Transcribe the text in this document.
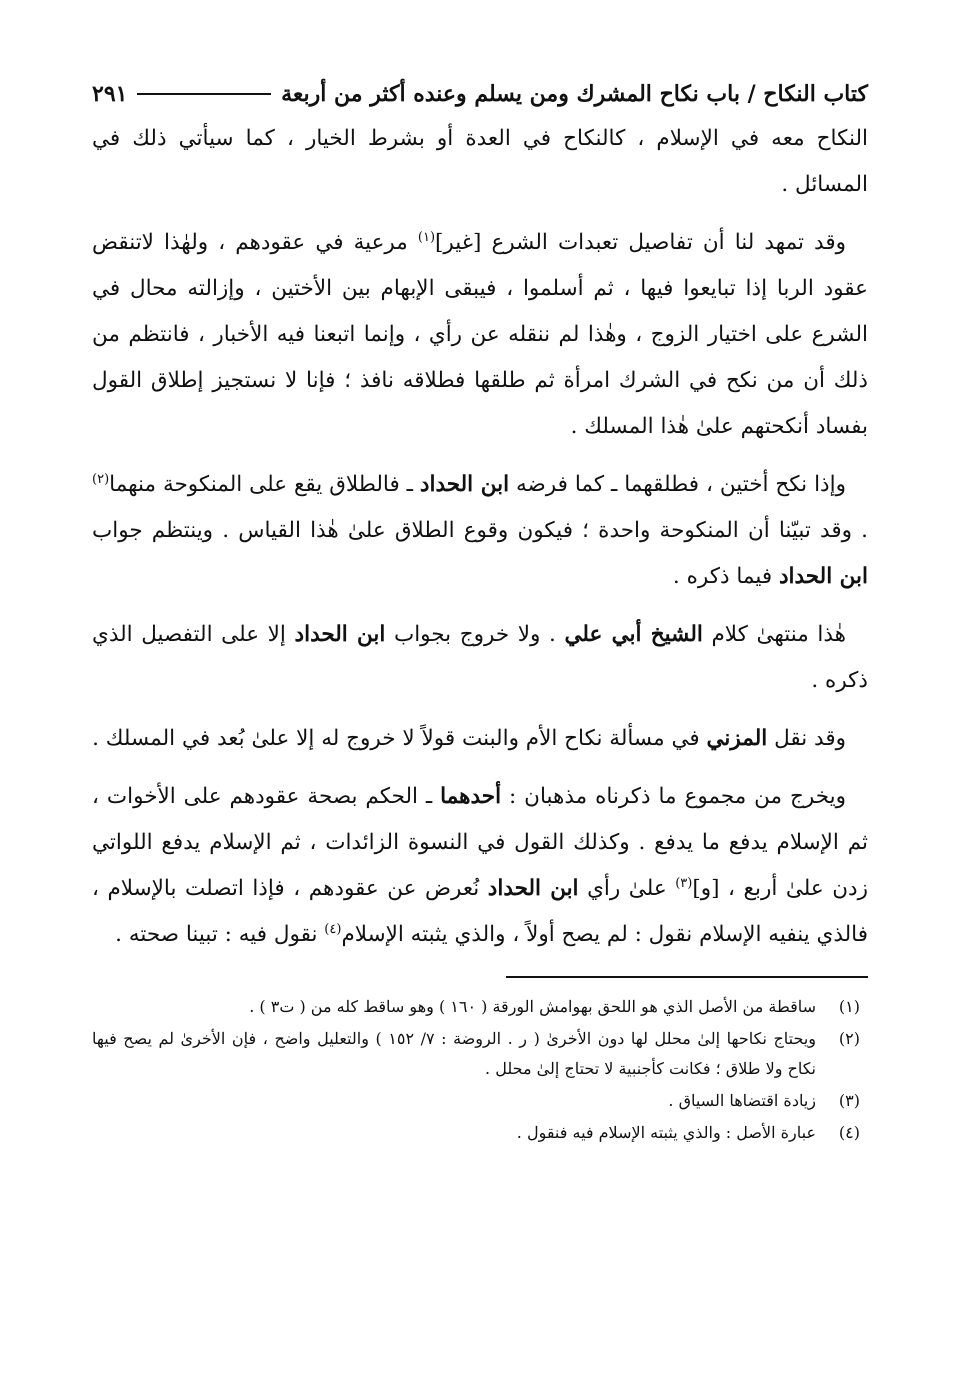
كتاب النكاح / باب نكاح المشرك ومن يسلم وعنده أكثر من أربعة
٢٩١

النكاح معه في الإسلام ، كالنكاح في العدة أو بشرط الخيار ، كما سيأتي ذلك في المسائل .

وقد تمهد لنا أن تفاصيل تعبدات الشرع [غير]$^{(١)}$ مرعية في عقودهم ، ولهٰذا لاتنقض عقود الربا إذا تبايعوا فيها ، ثم أسلموا ، فيبقى الإبهام بين الأختين ، وإزالته محال في الشرع على اختيار الزوج ، وهٰذا لم ننقله عن رأي ، وإنما اتبعنا فيه الأخبار ، فانتظم من ذلك أن من نكح في الشرك امرأة ثم طلقها فطلاقه نافذ ؛ فإنا لا نستجيز إطلاق القول بفساد أنكحتهم علىٰ هٰذا المسلك .

وإذا نكح أختين ، فطلقهما ـ كما فرضه ابن الحداد ـ فالطلاق يقع على المنكوحة منهما$^{(٢)}$ . وقد تبيّنا أن المنكوحة واحدة ؛ فيكون وقوع الطلاق علىٰ هٰذا القياس . وينتظم جواب ابن الحداد فيما ذكره .

هٰذا منتهىٰ كلام الشيخ أبي علي . ولا خروج بجواب ابن الحداد إلا على التفصيل الذي ذكره .

وقد نقل المزني في مسألة نكاح الأم والبنت قولاً لا خروج له إلا علىٰ بُعد في المسلك .

ويخرج من مجموع ما ذكرناه مذهبان : أحدهما ـ الحكم بصحة عقودهم على الأخوات ، ثم الإسلام يدفع ما يدفع . وكذلك القول في النسوة الزائدات ، ثم الإسلام يدفع اللواتي زدن علىٰ أربع ، [و]$^{(٣)}$ علىٰ رأي ابن الحداد نُعرض عن عقودهم ، فإذا اتصلت بالإسلام ، فالذي ينفيه الإسلام نقول : لم يصح أولاً ، والذي يثبته الإسلام$^{(٤)}$ نقول فيه : تبينا صحته .

(١)
ساقطة من الأصل الذي هو اللحق بهوامش الورقة ( ١٦٠ ) وهو ساقط كله من ( ت٣ ) .
(٢)
ويحتاج نكاحها إلىٰ محلل لها دون الأخرىٰ ( ر . الروضة : ٧/ ١٥٢ ) والتعليل واضح ، فإن الأخرىٰ لم يصح فيها نكاح ولا طلاق ؛ فكانت كأجنبية لا تحتاج إلىٰ محلل .
(٣)
زيادة اقتضاها السياق .
(٤)
عبارة الأصل : والذي يثبته الإسلام فيه فنقول .
